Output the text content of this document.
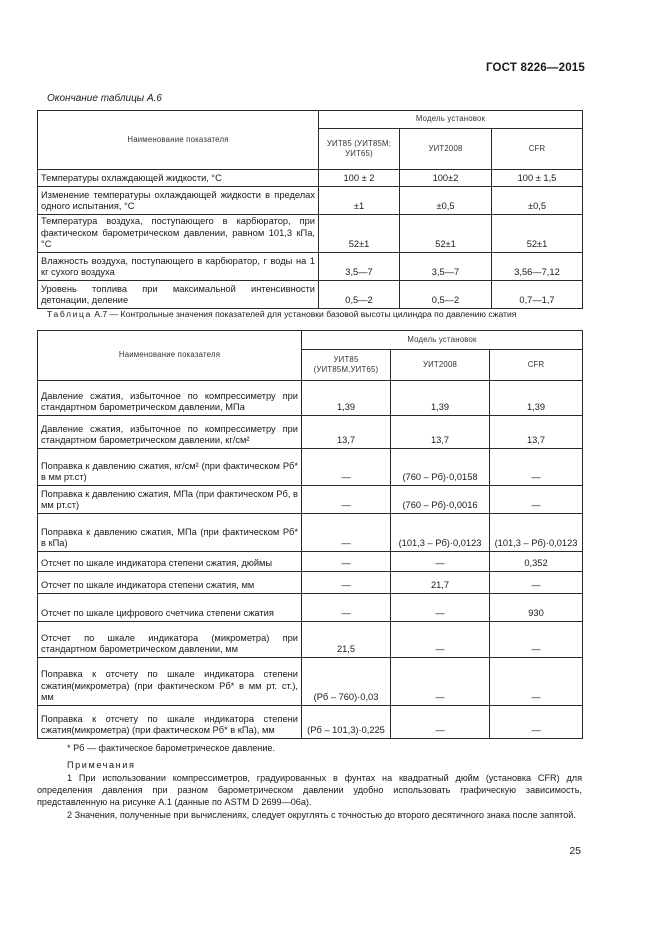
ГОСТ 8226—2015
Окончание таблицы А.6
Наименование показателя	Модель установок		
	УИТ85 (УИТ85М; УИТ65)	УИТ2008	CFR
Температуры охлаждающей жидкости, °C	100 ± 2	100±2	100 ± 1,5
Изменение температуры охлаждающей жидкости в пределах одного испытания, °C	±1	±0,5	±0,5
Температура воздуха, поступающего в карбюратор, при фактическом барометрическом давлении, равном 101,3 кПа, °C	52±1	52±1	52±1
Влажность воздуха, поступающего в карбюратор, г воды на 1 кг сухого воздуха	3,5—7	3,5—7	3,56—7,12
Уровень топлива при максимальной интенсивности детонации, деление	0,5—2	0,5—2	0,7—1,7
Таблица А.7 — Контрольные значения показателей для установки базовой высоты цилиндра по давлению сжатия
Наименование показателя	Модель установок		
	УИТ85 (УИТ85М,УИТ65)	УИТ2008	CFR
Давление сжатия, избыточное по компрессиметру при стандартном барометрическом давлении, МПа	1,39	1,39	1,39
Давление сжатия, избыточное по компрессиметру при стандартном барометрическом давлении, кг/см²	13,7	13,7	13,7
Поправка к давлению сжатия, кг/см² (при фактическом Pб* в мм рт.ст)	—	(760 – Pб)·0,0158	—
Поправка к давлению сжатия, МПа (при фактическом Pб, в мм рт.ст)	—	(760 – Pб)·0,0016	—
Поправка к давлению сжатия, МПа (при фактическом Pб* в кПа)	—	(101,3 – Pб)·0,0123	(101,3 – Pб)·0,0123
Отсчет по шкале индикатора степени сжатия, дюймы	—	—	0,352
Отсчет по шкале индикатора степени сжатия, мм	—	21,7	—
Отсчет по шкале цифрового счетчика степени сжатия	—	—	930
Отсчет по шкале индикатора (микрометра) при стандартном барометрическом давлении, мм	21,5	—	—
Поправка к отсчету по шкале индикатора степени сжатия(микрометра) (при фактическом Pб* в мм рт. ст.), мм	(Pб – 760)·0,03	—	—
Поправка к отсчету по шкале индикатора степени сжатия(микрометра) (при фактическом Pб* в кПа), мм	(Pб – 101,3)·0,225	—	—
* Pб — фактическое барометрическое давление.
Примечания
1 При использовании компрессиметров, градуированных в фунтах на квадратный дюйм (установка CFR) для определения давления при разном барометрическом давлении удобно использовать графическую зависимость, представленную на рисунке А.1 (данные по ASTM D 2699—06a).
2 Значения, полученные при вычислениях, следует округлять с точностью до второго десятичного знака после запятой.
25
